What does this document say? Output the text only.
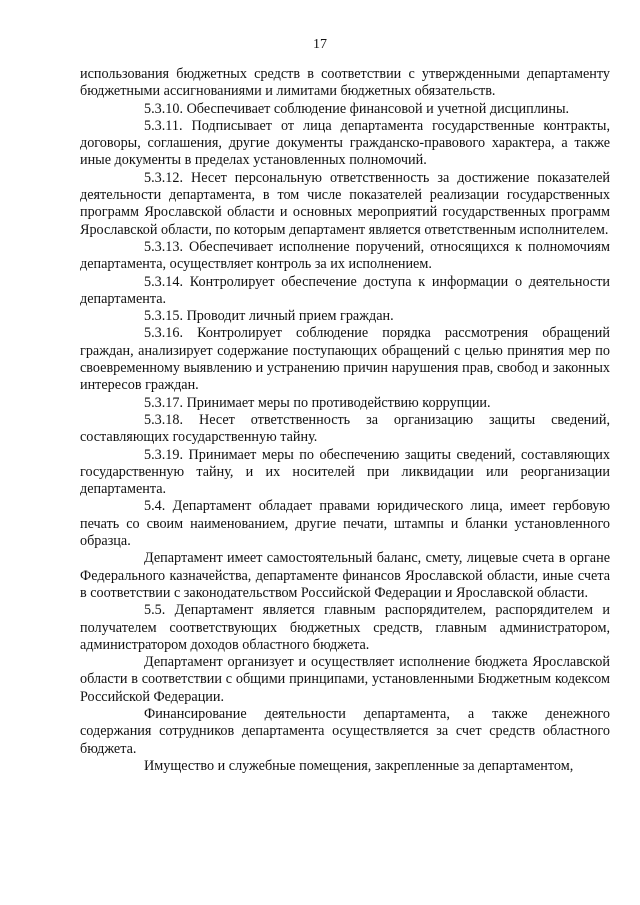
17

использования бюджетных средств в соответствии с утвержденными департаменту бюджетными ассигнованиями и лимитами бюджетных обязательств.

5.3.10. Обеспечивает соблюдение финансовой и учетной дисциплины.

5.3.11. Подписывает от лица департамента государственные контракты, договоры, соглашения, другие документы гражданско-правового характера, а также иные документы в пределах установленных полномочий.

5.3.12. Несет персональную ответственность за достижение показателей деятельности департамента, в том числе показателей реализации государственных программ Ярославской области и основных мероприятий государственных программ Ярославской области, по которым департамент является ответственным исполнителем.

5.3.13. Обеспечивает исполнение поручений, относящихся к полномочиям департамента, осуществляет контроль за их исполнением.

5.3.14. Контролирует обеспечение доступа к информации о деятельности департамента.

5.3.15. Проводит личный прием граждан.

5.3.16. Контролирует соблюдение порядка рассмотрения обращений граждан, анализирует содержание поступающих обращений с целью принятия мер по своевременному выявлению и устранению причин нарушения прав, свобод и законных интересов граждан.

5.3.17. Принимает меры по противодействию коррупции.

5.3.18. Несет ответственность за организацию защиты сведений, составляющих государственную тайну.

5.3.19. Принимает меры по обеспечению защиты сведений, составляющих государственную тайну, и их носителей при ликвидации или реорганизации департамента.

5.4. Департамент обладает правами юридического лица, имеет гербовую печать со своим наименованием, другие печати, штампы и бланки установленного образца.

Департамент имеет самостоятельный баланс, смету, лицевые счета в органе Федерального казначейства, департаменте финансов Ярославской области, иные счета в соответствии с законодательством Российской Федерации и Ярославской области.

5.5. Департамент является главным распорядителем, распорядителем и получателем соответствующих бюджетных средств, главным администратором, администратором доходов областного бюджета.

Департамент организует и осуществляет исполнение бюджета Ярославской области в соответствии с общими принципами, установленными Бюджетным кодексом Российской Федерации.

Финансирование деятельности департамента, а также денежного содержания сотрудников департамента осуществляется за счет средств областного бюджета.

Имущество и служебные помещения, закрепленные за департаментом,
